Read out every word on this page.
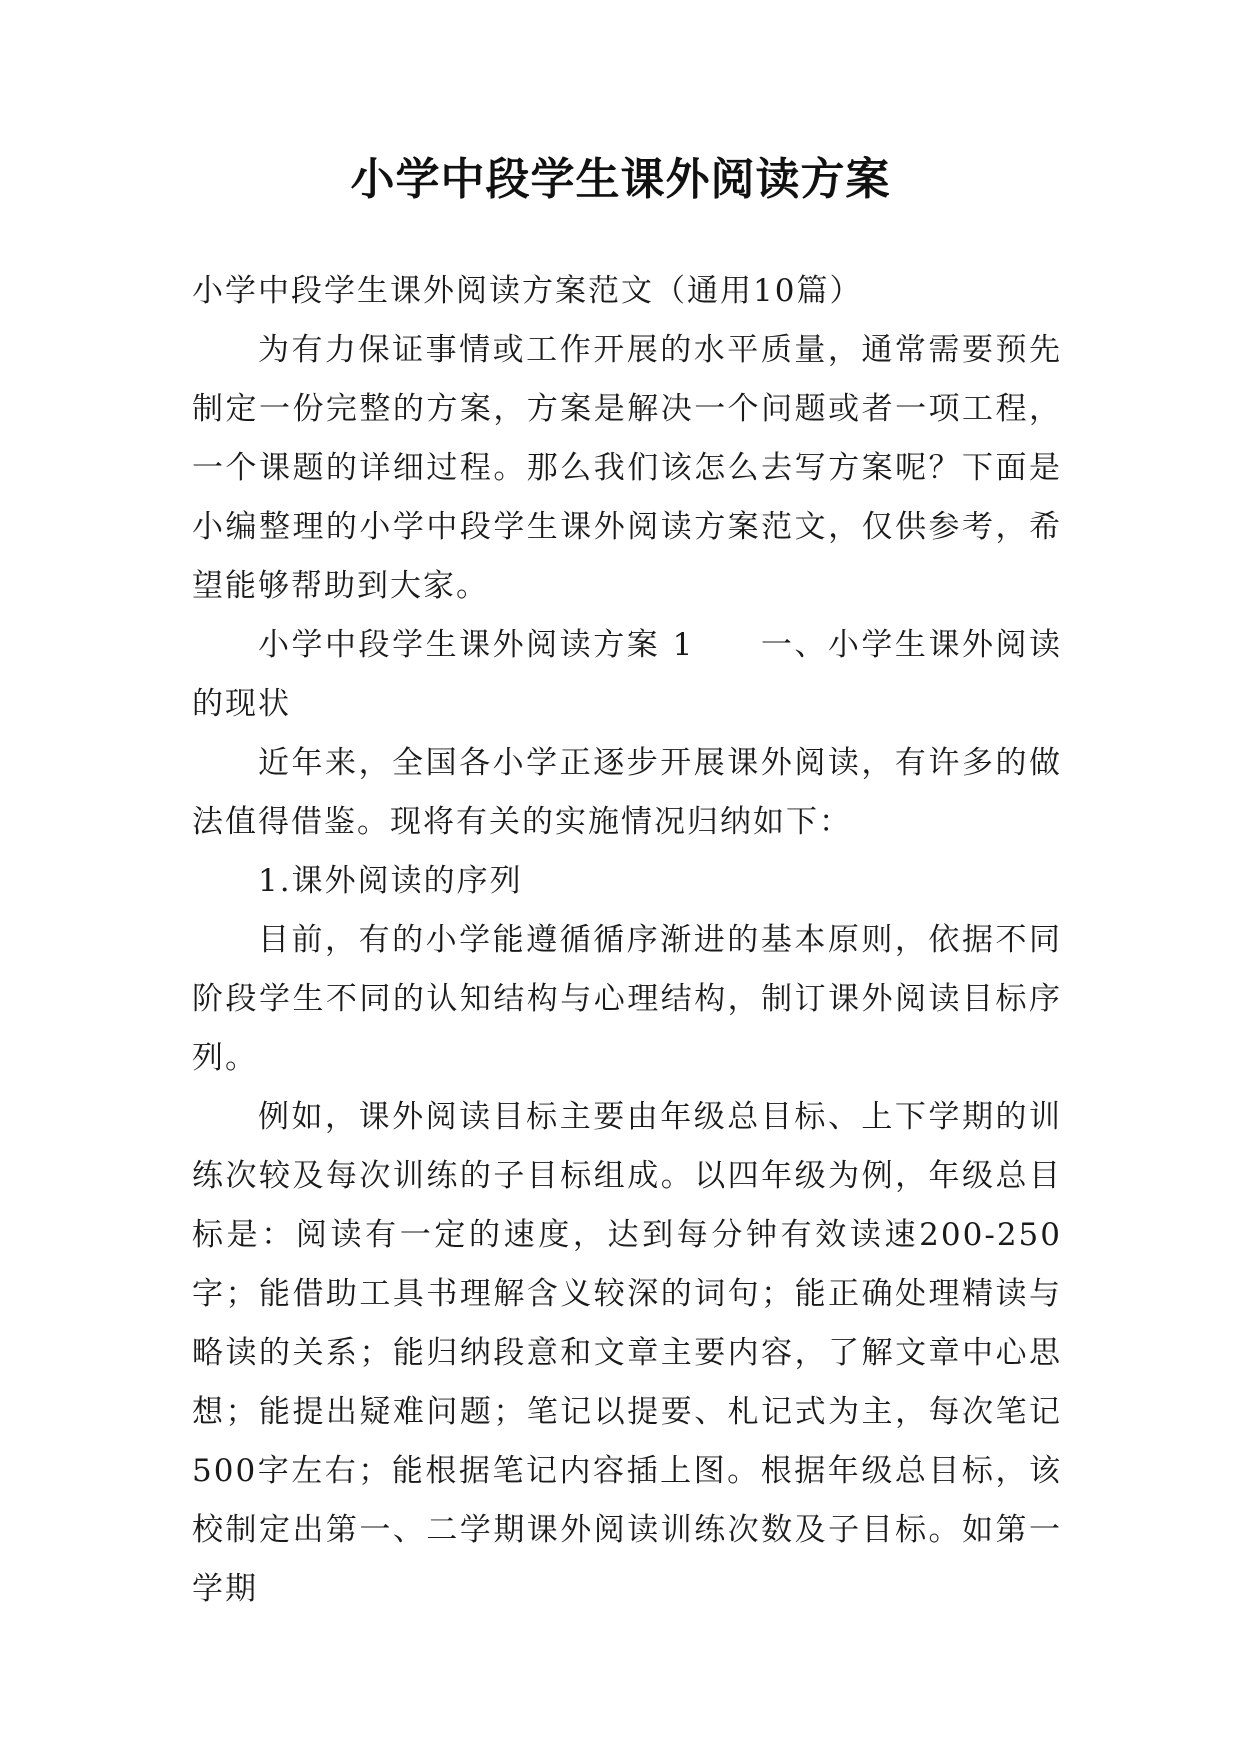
小学中段学生课外阅读方案

小学中段学生课外阅读方案范文（通用10篇）

为有力保证事情或工作开展的水平质量，通常需要预先制定一份完整的方案，方案是解决一个问题或者一项工程，一个课题的详细过程。那么我们该怎么去写方案呢？下面是小编整理的小学中段学生课外阅读方案范文，仅供参考，希望能够帮助到大家。

小学中段学生课外阅读方案 1 一、小学生课外阅读的现状

近年来，全国各小学正逐步开展课外阅读，有许多的做法值得借鉴。现将有关的实施情况归纳如下：

1.课外阅读的序列

目前，有的小学能遵循循序渐进的基本原则，依据不同阶段学生不同的认知结构与心理结构，制订课外阅读目标序列。

例如，课外阅读目标主要由年级总目标、上下学期的训练次较及每次训练的子目标组成。以四年级为例，年级总目标是：阅读有一定的速度，达到每分钟有效读速200-250字；能借助工具书理解含义较深的词句；能正确处理精读与略读的关系；能归纳段意和文章主要内容，了解文章中心思想；能提出疑难问题；笔记以提要、札记式为主，每次笔记500字左右；能根据笔记内容插上图。根据年级总目标，该校制定出第一、二学期课外阅读训练次数及子目标。如第一学期
